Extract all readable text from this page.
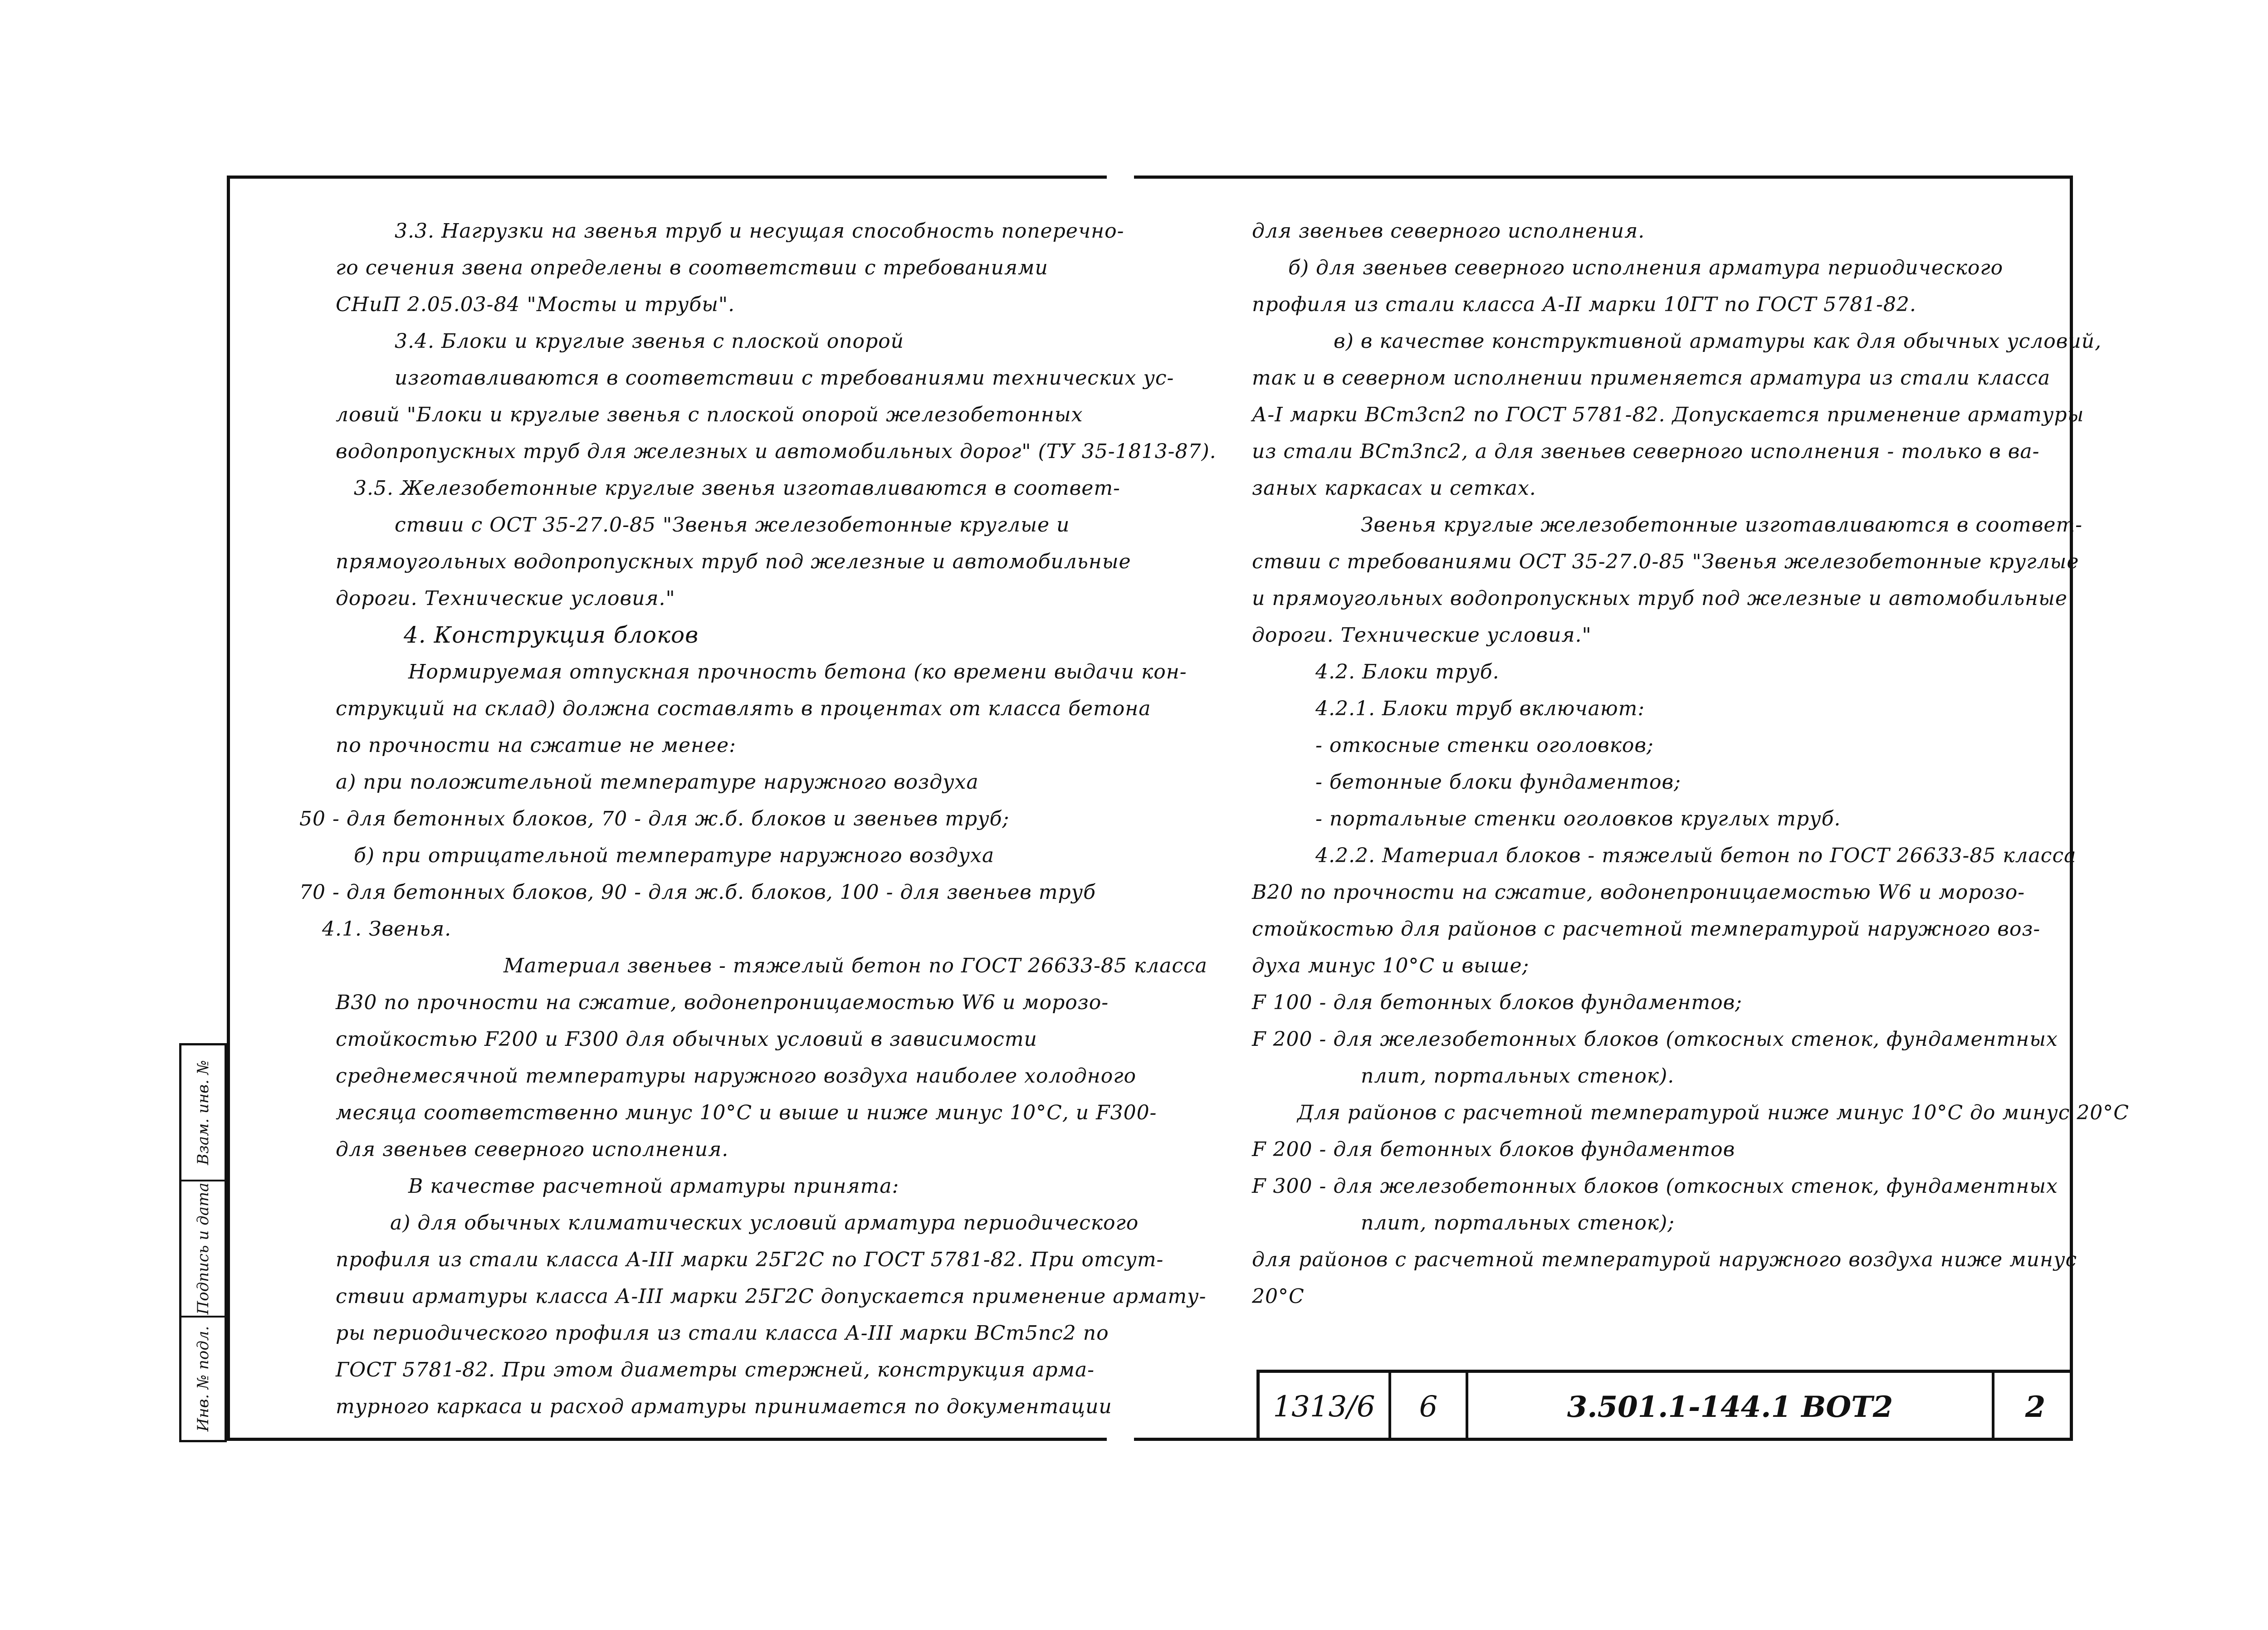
3.3. Нагрузки на звенья труб и несущая способность поперечно-
го сечения звена определены в соответствии с требованиями
СНиП 2.05.03-84 "Мосты и трубы".
3.4. Блоки и круглые звенья с плоской опорой
изготавливаются в соответствии с требованиями технических ус-
ловий "Блоки и круглые звенья с плоской опорой железобетонных
водопропускных труб для железных и автомобильных дорог" (ТУ 35-1813-87).
3.5. Железобетонные круглые звенья изготавливаются в соответ-
ствии с ОСТ 35-27.0-85 "Звенья железобетонные круглые и
прямоугольных водопропускных труб под железные и автомобильные
дороги. Технические условия."
4. Конструкция блоков
Нормируемая отпускная прочность бетона (ко времени выдачи кон-
струкций на склад) должна составлять в процентах от класса бетона
по прочности на сжатие не менее:
а) при положительной температуре наружного воздуха
50 - для бетонных блоков, 70 - для ж.б. блоков и звеньев труб;
б) при отрицательной температуре наружного воздуха
70 - для бетонных блоков, 90 - для ж.б. блоков, 100 - для звеньев труб
4.1. Звенья.
Материал звеньев - тяжелый бетон по ГОСТ 26633-85 класса
В30 по прочности на сжатие, водонепроницаемостью W6 и морозо-
стойкостью F200 и F300 для обычных условий в зависимости
среднемесячной температуры наружного воздуха наиболее холодного
месяца соответственно минус 10°С и выше и ниже минус 10°С, и F300-
для звеньев северного исполнения.
В качестве расчетной арматуры принята:
а) для обычных климатических условий арматура периодического
профиля из стали класса А-III марки 25Г2С по ГОСТ 5781-82. При отсут-
ствии арматуры класса А-III марки 25Г2С допускается применение армату-
ры периодического профиля из стали класса А-III марки ВСт5пс2 по
ГОСТ 5781-82. При этом диаметры стержней, конструкция арма-
турного каркаса и расход арматуры принимается по документации
для звеньев северного исполнения.
б) для звеньев северного исполнения арматура периодического
профиля из стали класса А-II марки 10ГТ по ГОСТ 5781-82.
в) в качестве конструктивной арматуры как для обычных условий,
так и в северном исполнении применяется арматура из стали класса
А-I марки ВСт3сп2 по ГОСТ 5781-82. Допускается применение арматуры
из стали ВСт3пс2, а для звеньев северного исполнения - только в ва-
заных каркасах и сетках.
Звенья круглые железобетонные изготавливаются в соответ-
ствии с требованиями ОСТ 35-27.0-85 "Звенья железобетонные круглые
и прямоугольных водопропускных труб под железные и автомобильные
дороги. Технические условия."
4.2. Блоки труб.
4.2.1. Блоки труб включают:
- откосные стенки оголовков;
- бетонные блоки фундаментов;
- портальные стенки оголовков круглых труб.
4.2.2. Материал блоков - тяжелый бетон по ГОСТ 26633-85 класса
В20 по прочности на сжатие, водонепроницаемостью W6 и морозо-
стойкостью для районов с расчетной температурой наружного воз-
духа минус 10°С и выше;
F 100 - для бетонных блоков фундаментов;
F 200 - для железобетонных блоков (откосных стенок, фундаментных
плит, портальных стенок).
Для районов с расчетной температурой ниже минус 10°С до минус 20°С
F 200 - для бетонных блоков фундаментов
F 300 - для железобетонных блоков (откосных стенок, фундаментных
плит, портальных стенок);
для районов с расчетной температурой наружного воздуха ниже минус
20°С
Взам. инв. №
Подпись и дата
Инв. № подл.	1313/6	6	3.501.1-144.1 ВОТ2	2
